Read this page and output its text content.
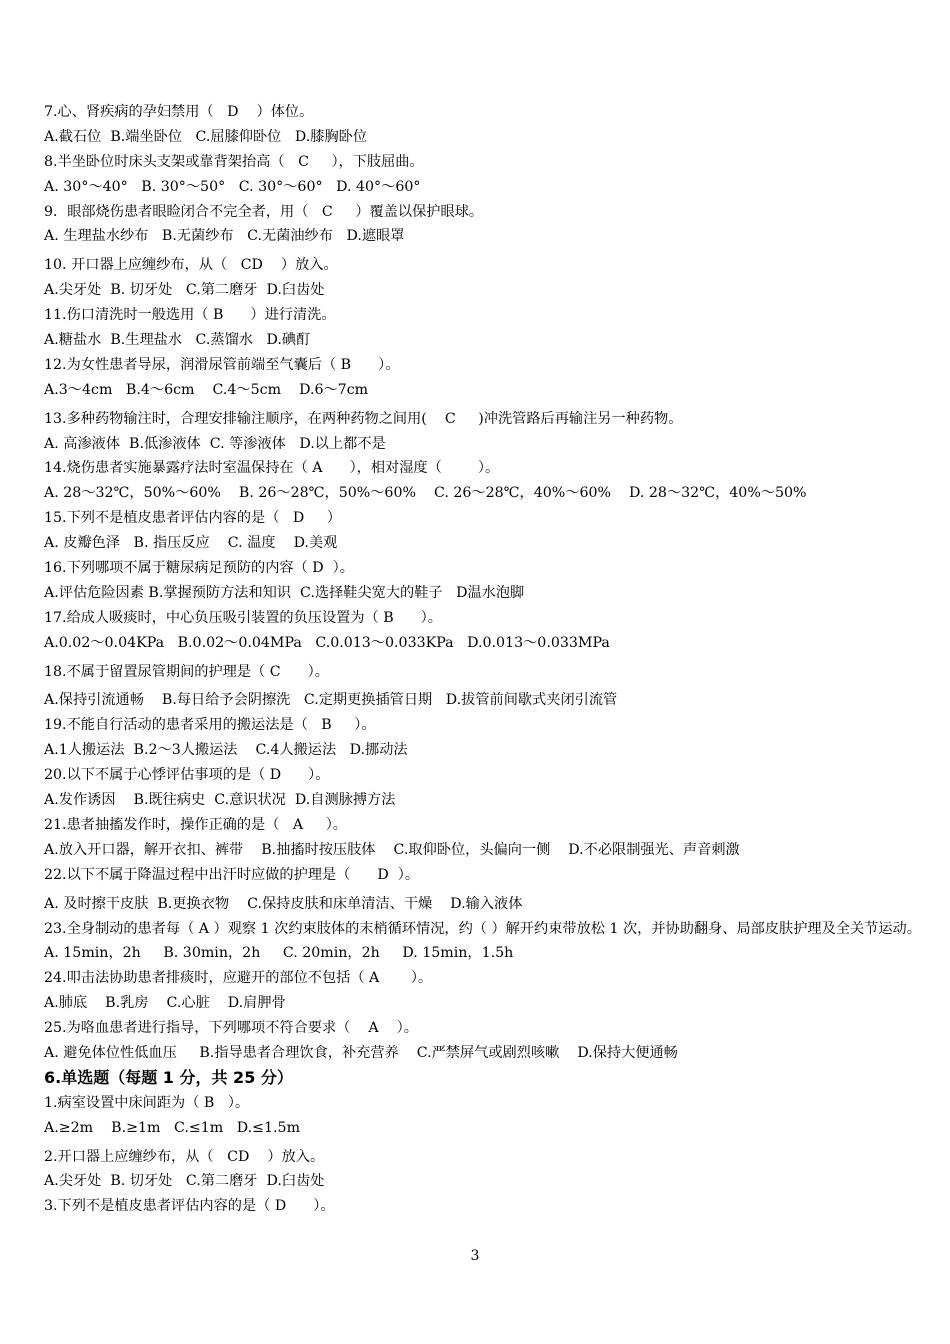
7.心、肾疾病的孕妇禁用（   D    ）体位。
A.截石位  B.端坐卧位   C.屈膝仰卧位   D.膝胸卧位
8.半坐卧位时床头支架或靠背架抬高（   C     ），下肢屈曲。
A. 30°～40°   B. 30°～50°   C. 30°～60°   D. 40°～60°
9．眼部烧伤患者眼睑闭合不完全者，用（   C     ）覆盖以保护眼球。
A. 生理盐水纱布   B.无菌纱布   C.无菌油纱布   D.遮眼罩
10. 开口器上应缠纱布，从（   CD    ）放入。
A.尖牙处  B. 切牙处   C.第二磨牙  D.臼齿处
11.伤口清洗时一般选用（ B      ）进行清洗。
A.糖盐水  B.生理盐水   C.蒸馏水   D.碘酊
12.为女性患者导尿，润滑尿管前端至气囊后（ B      ）。
A.3～4cm   B.4～6cm    C.4～5cm    D.6～7cm
13.多种药物输注时，合理安排输注顺序，在两种药物之间用(    C     )冲洗管路后再输注另一种药物。
A. 高渗液体  B.低渗液体  C. 等渗液体   D.以上都不是
14.烧伤患者实施暴露疗法时室温保持在（ A      ），相对湿度（        ）。
A. 28～32℃，50%～60%    B. 26～28℃，50%～60%    C. 26～28℃，40%～60%    D. 28～32℃，40%～50%
15.下列不是植皮患者评估内容的是（   D     ）
A. 皮瓣色泽   B. 指压反应    C. 温度    D.美观
16.下列哪项不属于糖尿病足预防的内容（ D  ）。
A.评估危险因素 B.掌握预防方法和知识  C.选择鞋尖宽大的鞋子   D温水泡脚
17.给成人吸痰时，中心负压吸引装置的负压设置为（ B      ）。
A.0.02～0.04KPa   B.0.02～0.04MPa   C.0.013～0.033KPa   D.0.013～0.033MPa
18.不属于留置尿管期间的护理是（ C      ）。
A.保持引流通畅    B.每日给予会阴擦洗   C.定期更换插管日期   D.拔管前间歇式夹闭引流管
19.不能自行活动的患者采用的搬运法是（   B     ）。
A.1人搬运法  B.2～3人搬运法    C.4人搬运法   D.挪动法
20.以下不属于心悸评估事项的是（ D      ）。
A.发作诱因    B.既往病史  C.意识状况  D.自测脉搏方法
21.患者抽搐发作时，操作正确的是（   A     ）。
A.放入开口器，解开衣扣、裤带    B.抽搐时按压肢体    C.取仰卧位，头偏向一侧    D.不必限制强光、声音刺激
22.以下不属于降温过程中出汗时应做的护理是（      D  ）。
A. 及时擦干皮肤  B.更换衣物    C.保持皮肤和床单清洁、干燥    D.输入液体
23.全身制动的患者每（ A ）观察 1 次约束肢体的末梢循环情况，约（ ）解开约束带放松 1 次，并协助翻身、局部皮肤护理及全关节运动。
A. 15min，2h     B. 30min，2h     C. 20min，2h     D. 15min，1.5h
24.叩击法协助患者排痰时，应避开的部位不包括（ A       ）。
A.肺底    B.乳房    C.心脏    D.肩胛骨
25.为咯血患者进行指导，下列哪项不符合要求（    A    ）。
A. 避免体位性低血压     B.指导患者合理饮食，补充营养    C.严禁屏气或剧烈咳嗽    D.保持大便通畅
6.单选题（每题 1 分，共 25 分）
1.病室设置中床间距为（ B   ）。
A.≥2m    B.≥1m   C.≤1m   D.≤1.5m
2.开口器上应缠纱布，从（   CD    ）放入。
A.尖牙处  B. 切牙处   C.第二磨牙  D.臼齿处
3.下列不是植皮患者评估内容的是（ D      ）。
3
